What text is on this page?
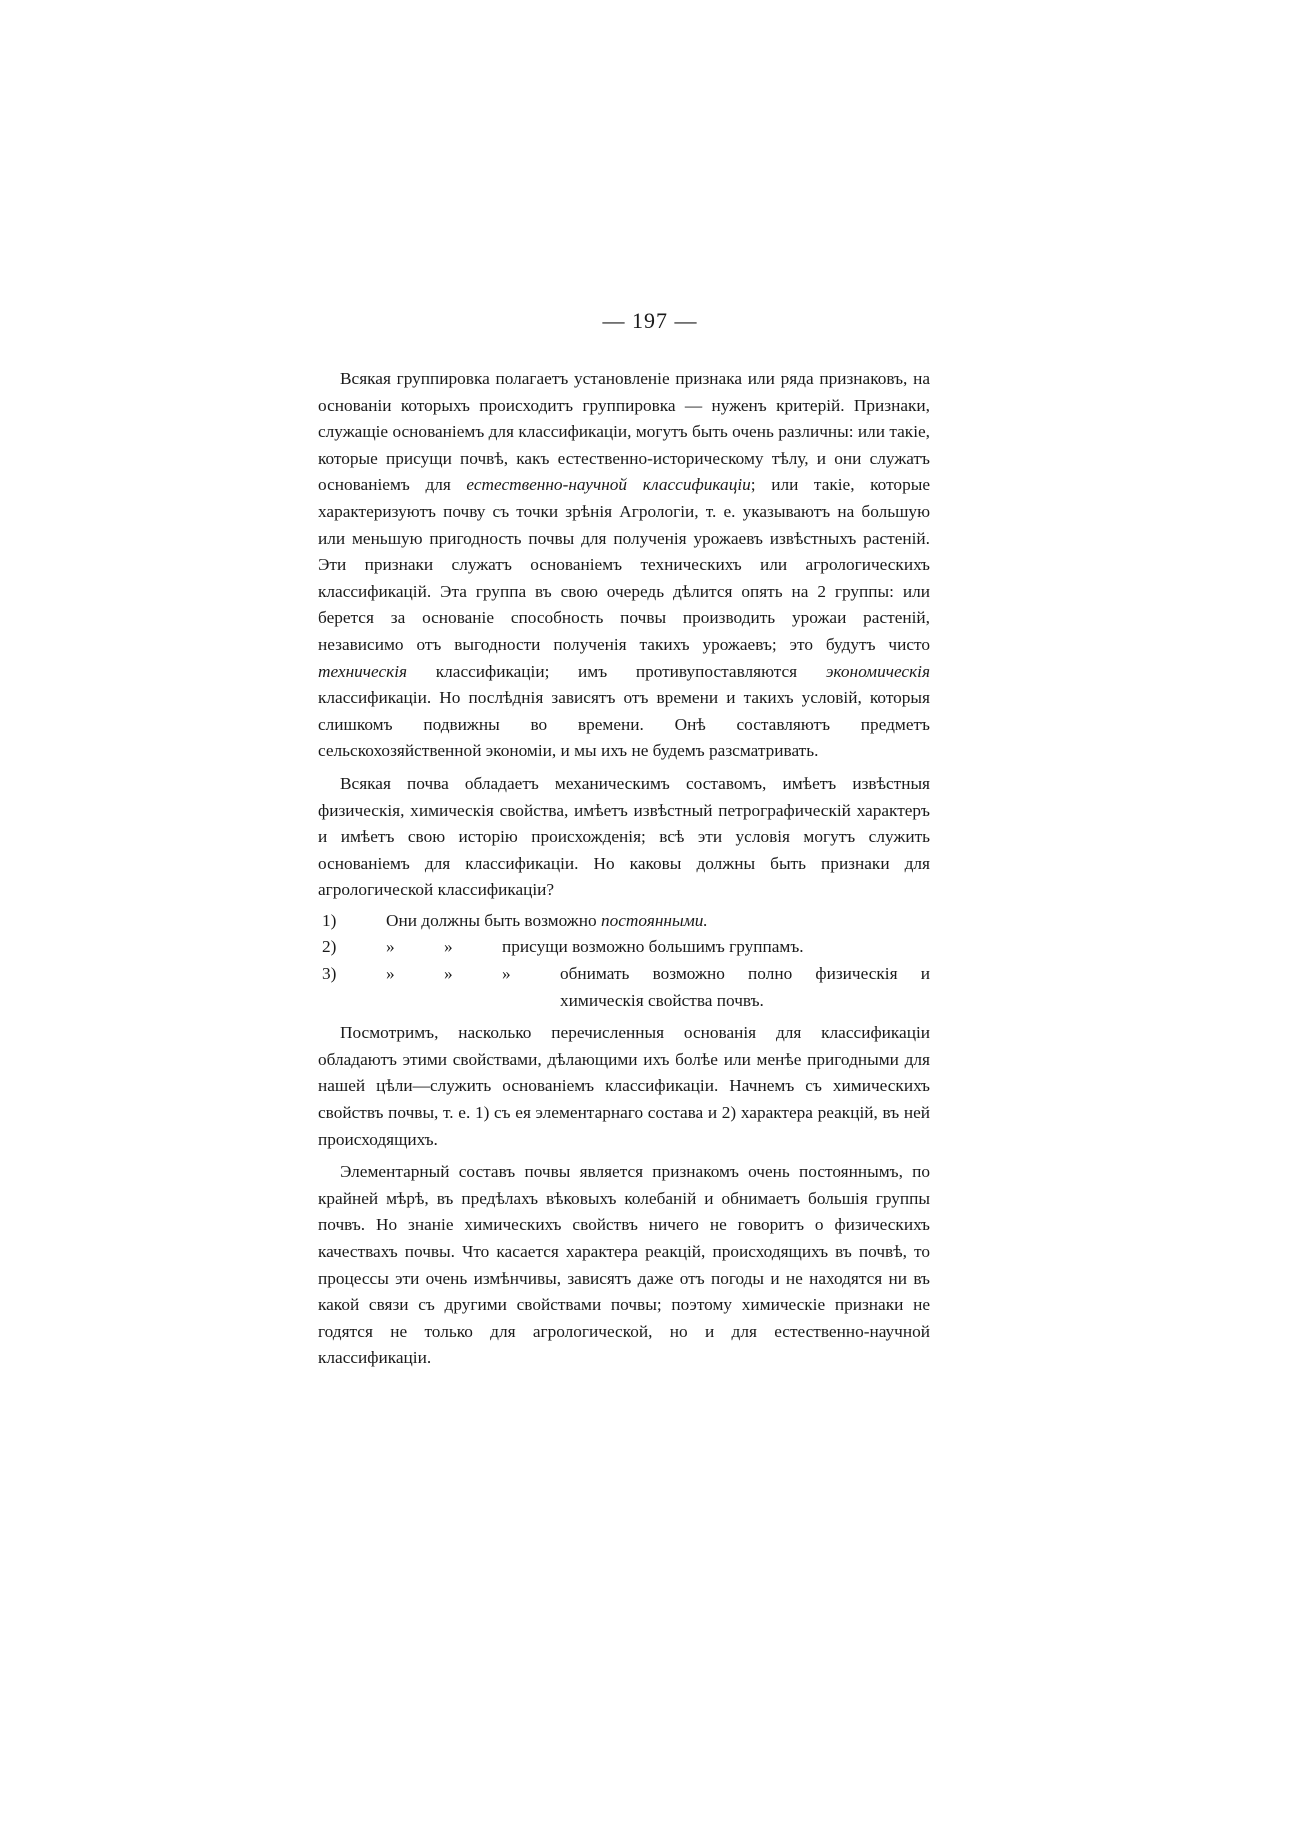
— 197 —

Всякая группировка полагаетъ установленіе признака или ряда признаковъ, на основаніи которыхъ происходитъ группировка — нуженъ критерій. Признаки, служащіе основаніемъ для классификаціи, могутъ быть очень различны: или такіе, которые присущи почвѣ, какъ естественно-историческому тѣлу, и они служатъ основаніемъ для естественно-научной классификаціи; или такіе, которые характеризуютъ почву съ точки зрѣнія Агрологіи, т. е. указываютъ на большую или меньшую пригодность почвы для полученія урожаевъ извѣстныхъ растеній. Эти признаки служатъ основаніемъ техническихъ или агрологическихъ классификацій. Эта группа въ свою очередь дѣлится опять на 2 группы: или берется за основаніе способность почвы производить урожаи растеній, независимо отъ выгодности полученія такихъ урожаевъ; это будутъ чисто техническія классификаціи; имъ противупоставляются экономическія классификаціи. Но послѣднія зависятъ отъ времени и такихъ условій, которыя слишкомъ подвижны во времени. Онѣ составляютъ предметъ сельскохозяйственной экономіи, и мы ихъ не будемъ разсматривать.

Всякая почва обладаетъ механическимъ составомъ, имѣетъ извѣстныя физическія, химическія свойства, имѣетъ извѣстный петрографическій характеръ и имѣетъ свою исторію происхожденія; всѣ эти условія могутъ служить основаніемъ для классификаціи. Но каковы должны быть признаки для агрологической классификаціи?

1)	Они должны быть возможно постоянными.
2)	»	»	присущи возможно большимъ группамъ.
3)	»	»	»	обнимать возможно полно физическія и химическія свойства почвъ.

Посмотримъ, насколько перечисленныя основанія для классификаціи обладаютъ этими свойствами, дѣлающими ихъ болѣе или менѣе пригодными для нашей цѣли—служить основаніемъ классификаціи. Начнемъ съ химическихъ свойствъ почвы, т. е. 1) съ ея элементарнаго состава и 2) характера реакцій, въ ней происходящихъ.

Элементарный составъ почвы является признакомъ очень постояннымъ, по крайней мѣрѣ, въ предѣлахъ вѣковыхъ колебаній и обнимаетъ большія группы почвъ. Но знаніе химическихъ свойствъ ничего не говоритъ о физическихъ качествахъ почвы. Что касается характера реакцій, происходящихъ въ почвѣ, то процессы эти очень измѣнчивы, зависятъ даже отъ погоды и не находятся ни въ какой связи съ другими свойствами почвы; поэтому химическіе признаки не годятся не только для агрологической, но и для естественно-научной классификаціи.
